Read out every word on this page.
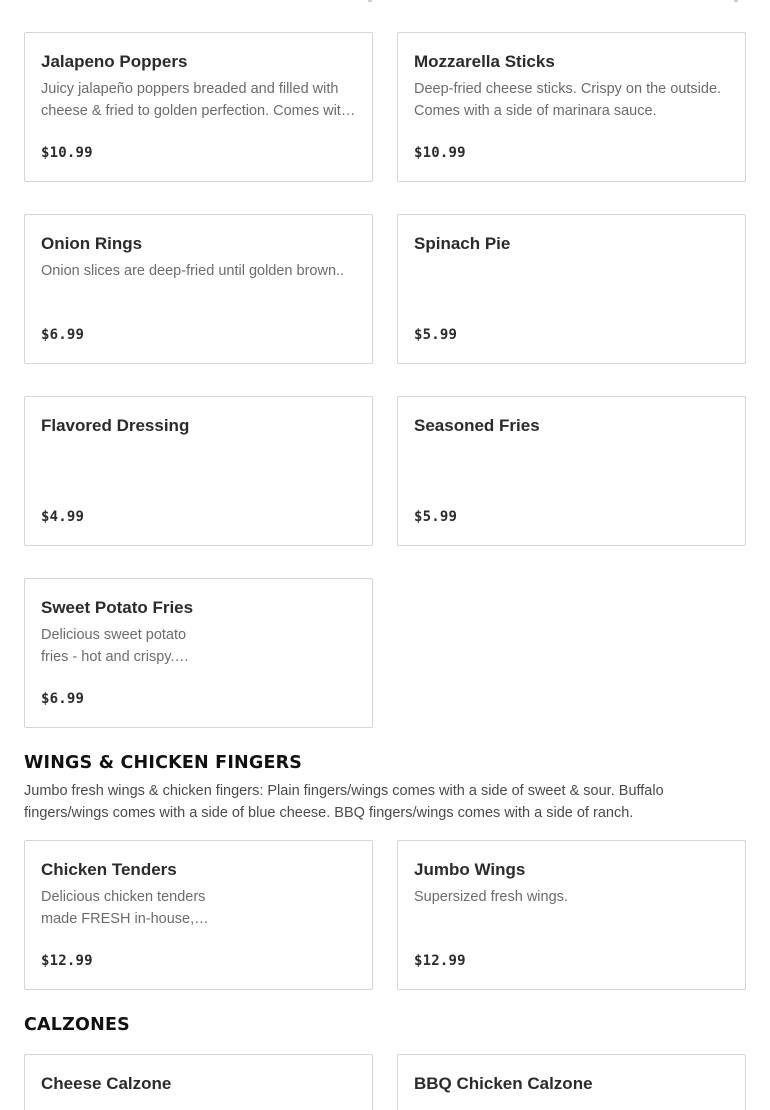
Jalapeno Poppers
Juicy jalapeño poppers breaded and filled with cheese & fried to golden perfection. Comes with
$10.99
Mozzarella Sticks
Deep-fried cheese sticks. Crispy on the outside. Comes with a side of marinara sauce.
$10.99
Onion Rings
Onion slices are deep-fried until golden brown..
$6.99
Spinach Pie
$5.99
Flavored Dressing
$4.99
Seasoned Fries
$5.99
Sweet Potato Fries
Delicious sweet potato fries - hot and crispy.
$6.99
WINGS & CHICKEN FINGERS
Jumbo fresh wings & chicken fingers: Plain fingers/wings comes with a side of sweet & sour. Buffalo fingers/wings comes with a side of blue cheese. BBQ fingers/wings comes with a side of ranch.
Chicken Tenders
Delicious chicken tenders made FRESH in-house,
$12.99
Jumbo Wings
Supersized fresh wings.
$12.99
CALZONES
Cheese Calzone	BBQ Chicken Calzone
